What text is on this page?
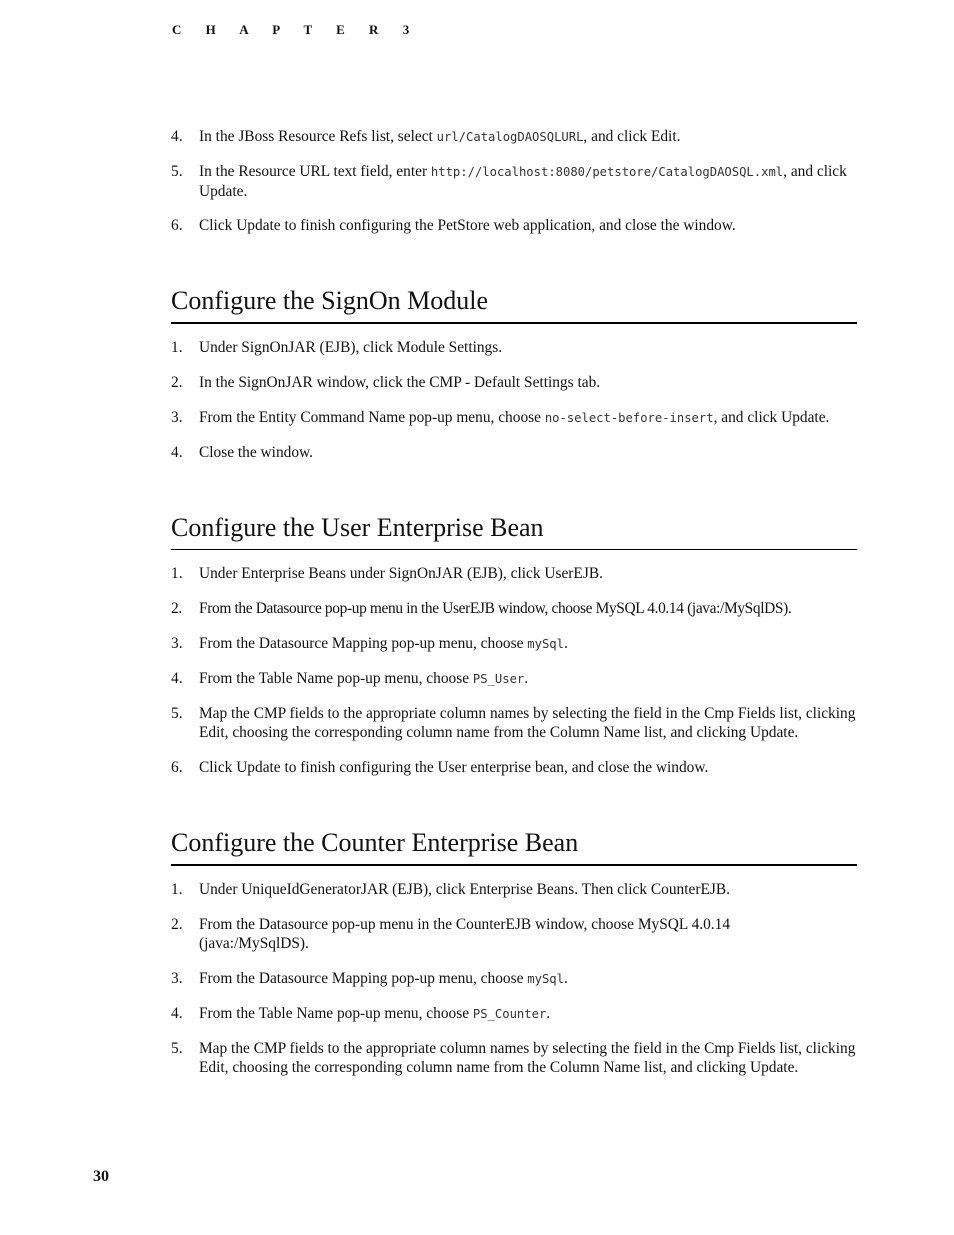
C H A P T E R 3
4. In the JBoss Resource Refs list, select url/CatalogDAOSQLURL, and click Edit.
5. In the Resource URL text field, enter http://localhost:8080/petstore/CatalogDAOSQL.xml, and click Update.
6. Click Update to finish configuring the PetStore web application, and close the window.
Configure the SignOn Module
1. Under SignOnJAR (EJB), click Module Settings.
2. In the SignOnJAR window, click the CMP - Default Settings tab.
3. From the Entity Command Name pop-up menu, choose no-select-before-insert, and click Update.
4. Close the window.
Configure the User Enterprise Bean
1. Under Enterprise Beans under SignOnJAR (EJB), click UserEJB.
2. From the Datasource pop-up menu in the UserEJB window, choose MySQL 4.0.14 (java:/MySqlDS).
3. From the Datasource Mapping pop-up menu, choose mySql.
4. From the Table Name pop-up menu, choose PS_User.
5. Map the CMP fields to the appropriate column names by selecting the field in the Cmp Fields list, clicking Edit, choosing the corresponding column name from the Column Name list, and clicking Update.
6. Click Update to finish configuring the User enterprise bean, and close the window.
Configure the Counter Enterprise Bean
1. Under UniqueIdGeneratorJAR (EJB), click Enterprise Beans. Then click CounterEJB.
2. From the Datasource pop-up menu in the CounterEJB window, choose MySQL 4.0.14 (java:/MySqlDS).
3. From the Datasource Mapping pop-up menu, choose mySql.
4. From the Table Name pop-up menu, choose PS_Counter.
5. Map the CMP fields to the appropriate column names by selecting the field in the Cmp Fields list, clicking Edit, choosing the corresponding column name from the Column Name list, and clicking Update.
30
